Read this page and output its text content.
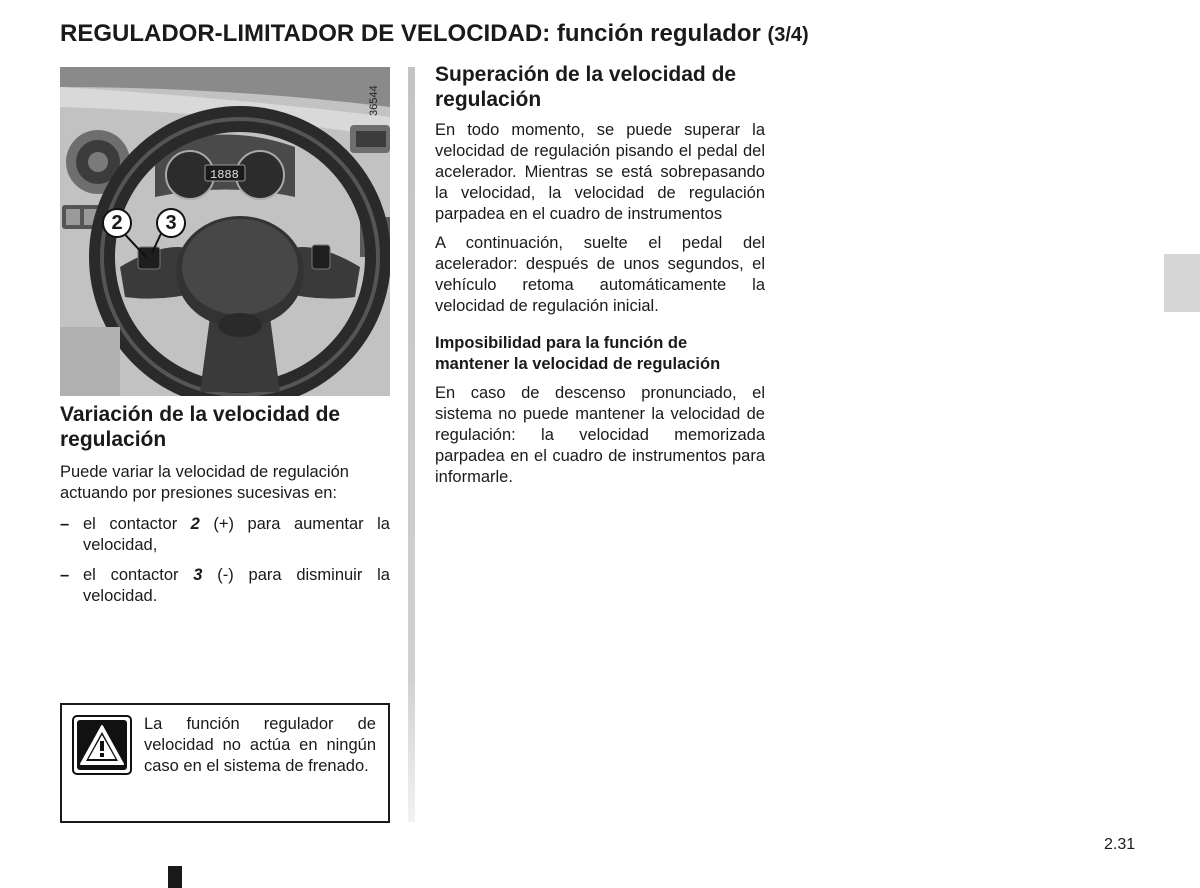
REGULADOR-LIMITADOR DE VELOCIDAD: función regulador (3/4)
1888
2	3
36544
Variación de la velocidad de regulación

Puede variar la velocidad de regulación actuando por presiones sucesivas en:

– el contactor 2 (+) para aumentar la velocidad,
– el contactor 3 (-) para disminuir la velocidad.
La función regulador de velocidad no actúa en ningún caso en el sistema de frenado.
Superación de la velocidad de regulación

En todo momento, se puede superar la velocidad de regulación pisando el pedal del acelerador. Mientras se está sobrepasando la velocidad, la velocidad de regulación parpadea en el cuadro de instrumentos

A continuación, suelte el pedal del acelerador: después de unos segundos, el vehículo retoma automáticamente la velocidad de regulación inicial.

Imposibilidad para la función de mantener la velocidad de regulación

En caso de descenso pronunciado, el sistema no puede mantener la velocidad de regulación: la velocidad memorizada parpadea en el cuadro de instrumentos para informarle.

2.31
